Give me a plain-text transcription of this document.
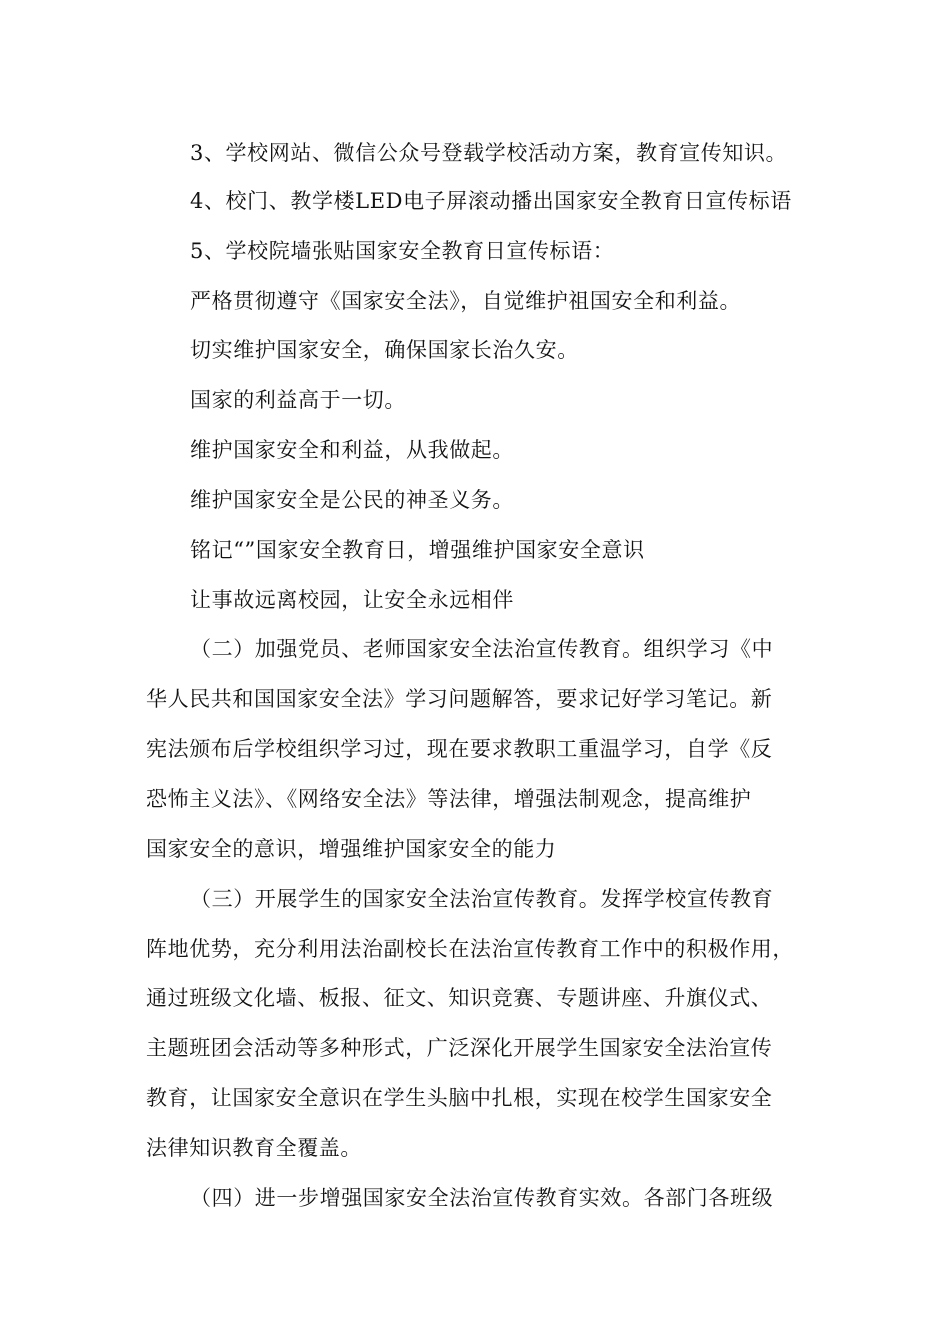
3、学校网站、微信公众号登载学校活动方案，教育宣传知识。
4、校门、教学楼LED电子屏滚动播出国家安全教育日宣传标语
5、学校院墙张贴国家安全教育日宣传标语：
严格贯彻遵守《国家安全法》，自觉维护祖国安全和利益。
切实维护国家安全，确保国家长治久安。
国家的利益高于一切。
维护国家安全和利益，从我做起。
维护国家安全是公民的神圣义务。
铭记“”国家安全教育日，增强维护国家安全意识
让事故远离校园，让安全永远相伴
（二）加强党员、老师国家安全法治宣传教育。组织学习《中
华人民共和国国家安全法》学习问题解答，要求记好学习笔记。新
宪法颁布后学校组织学习过，现在要求教职工重温学习，自学《反
恐怖主义法》、《网络安全法》等法律，增强法制观念，提高维护
国家安全的意识，增强维护国家安全的能力
（三）开展学生的国家安全法治宣传教育。发挥学校宣传教育
阵地优势，充分利用法治副校长在法治宣传教育工作中的积极作用，
通过班级文化墙、板报、征文、知识竞赛、专题讲座、升旗仪式、
主题班团会活动等多种形式，广泛深化开展学生国家安全法治宣传
教育，让国家安全意识在学生头脑中扎根，实现在校学生国家安全
法律知识教育全覆盖。
（四）进一步增强国家安全法治宣传教育实效。各部门各班级
